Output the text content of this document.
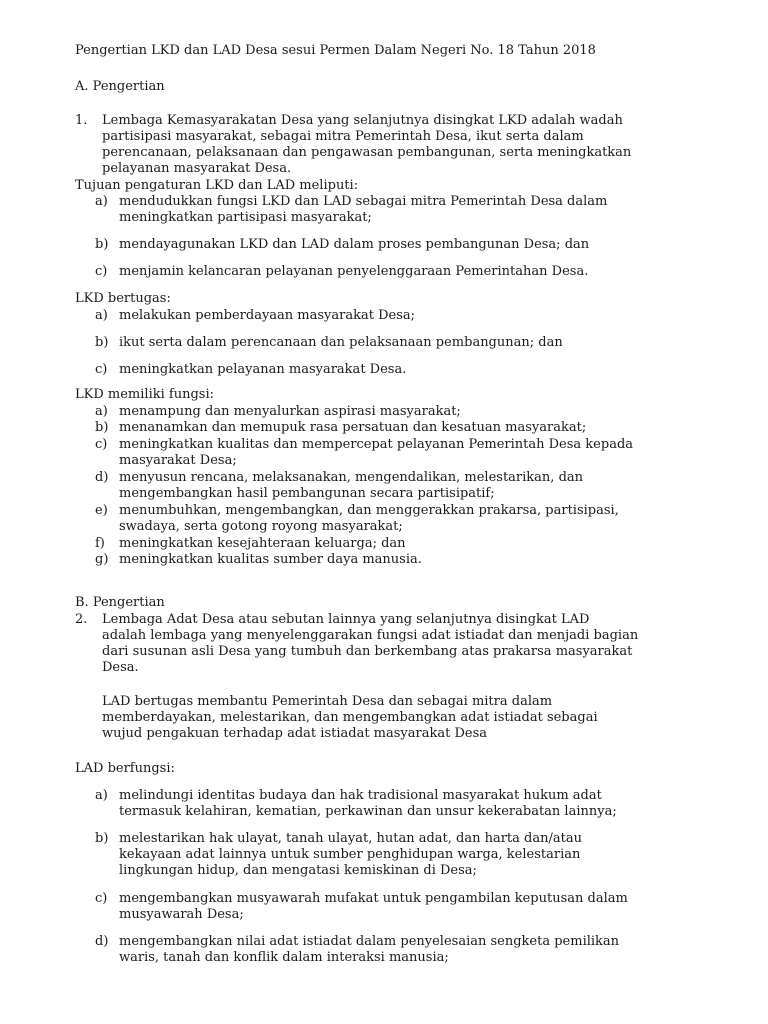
Pengertian LKD dan LAD Desa sesui Permen Dalam Negeri No. 18 Tahun 2018
A. Pengertian
1. Lembaga Kemasyarakatan Desa yang selanjutnya disingkat LKD adalah wadah
partisipasi masyarakat, sebagai mitra Pemerintah Desa, ikut serta dalam
perencanaan, pelaksanaan dan pengawasan pembangunan, serta meningkatkan
pelayanan masyarakat Desa.
Tujuan pengaturan LKD dan LAD meliputi:
a) mendudukkan fungsi LKD dan LAD sebagai mitra Pemerintah Desa dalam
meningkatkan partisipasi masyarakat;
b) mendayagunakan LKD dan LAD dalam proses pembangunan Desa; dan
c) menjamin kelancaran pelayanan penyelenggaraan Pemerintahan Desa.
LKD bertugas:
a) melakukan pemberdayaan masyarakat Desa;
b) ikut serta dalam perencanaan dan pelaksanaan pembangunan; dan
c) meningkatkan pelayanan masyarakat Desa.
LKD memiliki fungsi:
a) menampung dan menyalurkan aspirasi masyarakat;
b) menanamkan dan memupuk rasa persatuan dan kesatuan masyarakat;
c) meningkatkan kualitas dan mempercepat pelayanan Pemerintah Desa kepada
masyarakat Desa;
d) menyusun rencana, melaksanakan, mengendalikan, melestarikan, dan
mengembangkan hasil pembangunan secara partisipatif;
e) menumbuhkan, mengembangkan, dan menggerakkan prakarsa, partisipasi,
swadaya, serta gotong royong masyarakat;
f) meningkatkan kesejahteraan keluarga; dan
g) meningkatkan kualitas sumber daya manusia.
B. Pengertian
2. Lembaga Adat Desa atau sebutan lainnya yang selanjutnya disingkat LAD
adalah lembaga yang menyelenggarakan fungsi adat istiadat dan menjadi bagian
dari susunan asli Desa yang tumbuh dan berkembang atas prakarsa masyarakat
Desa.
LAD bertugas membantu Pemerintah Desa dan sebagai mitra dalam
memberdayakan, melestarikan, dan mengembangkan adat istiadat sebagai
wujud pengakuan terhadap adat istiadat masyarakat Desa
LAD berfungsi:
a) melindungi identitas budaya dan hak tradisional masyarakat hukum adat
termasuk kelahiran, kematian, perkawinan dan unsur kekerabatan lainnya;
b) melestarikan hak ulayat, tanah ulayat, hutan adat, dan harta dan/atau
kekayaan adat lainnya untuk sumber penghidupan warga, kelestarian
lingkungan hidup, dan mengatasi kemiskinan di Desa;
c) mengembangkan musyawarah mufakat untuk pengambilan keputusan dalam
musyawarah Desa;
d) mengembangkan nilai adat istiadat dalam penyelesaian sengketa pemilikan
waris, tanah dan konflik dalam interaksi manusia;
